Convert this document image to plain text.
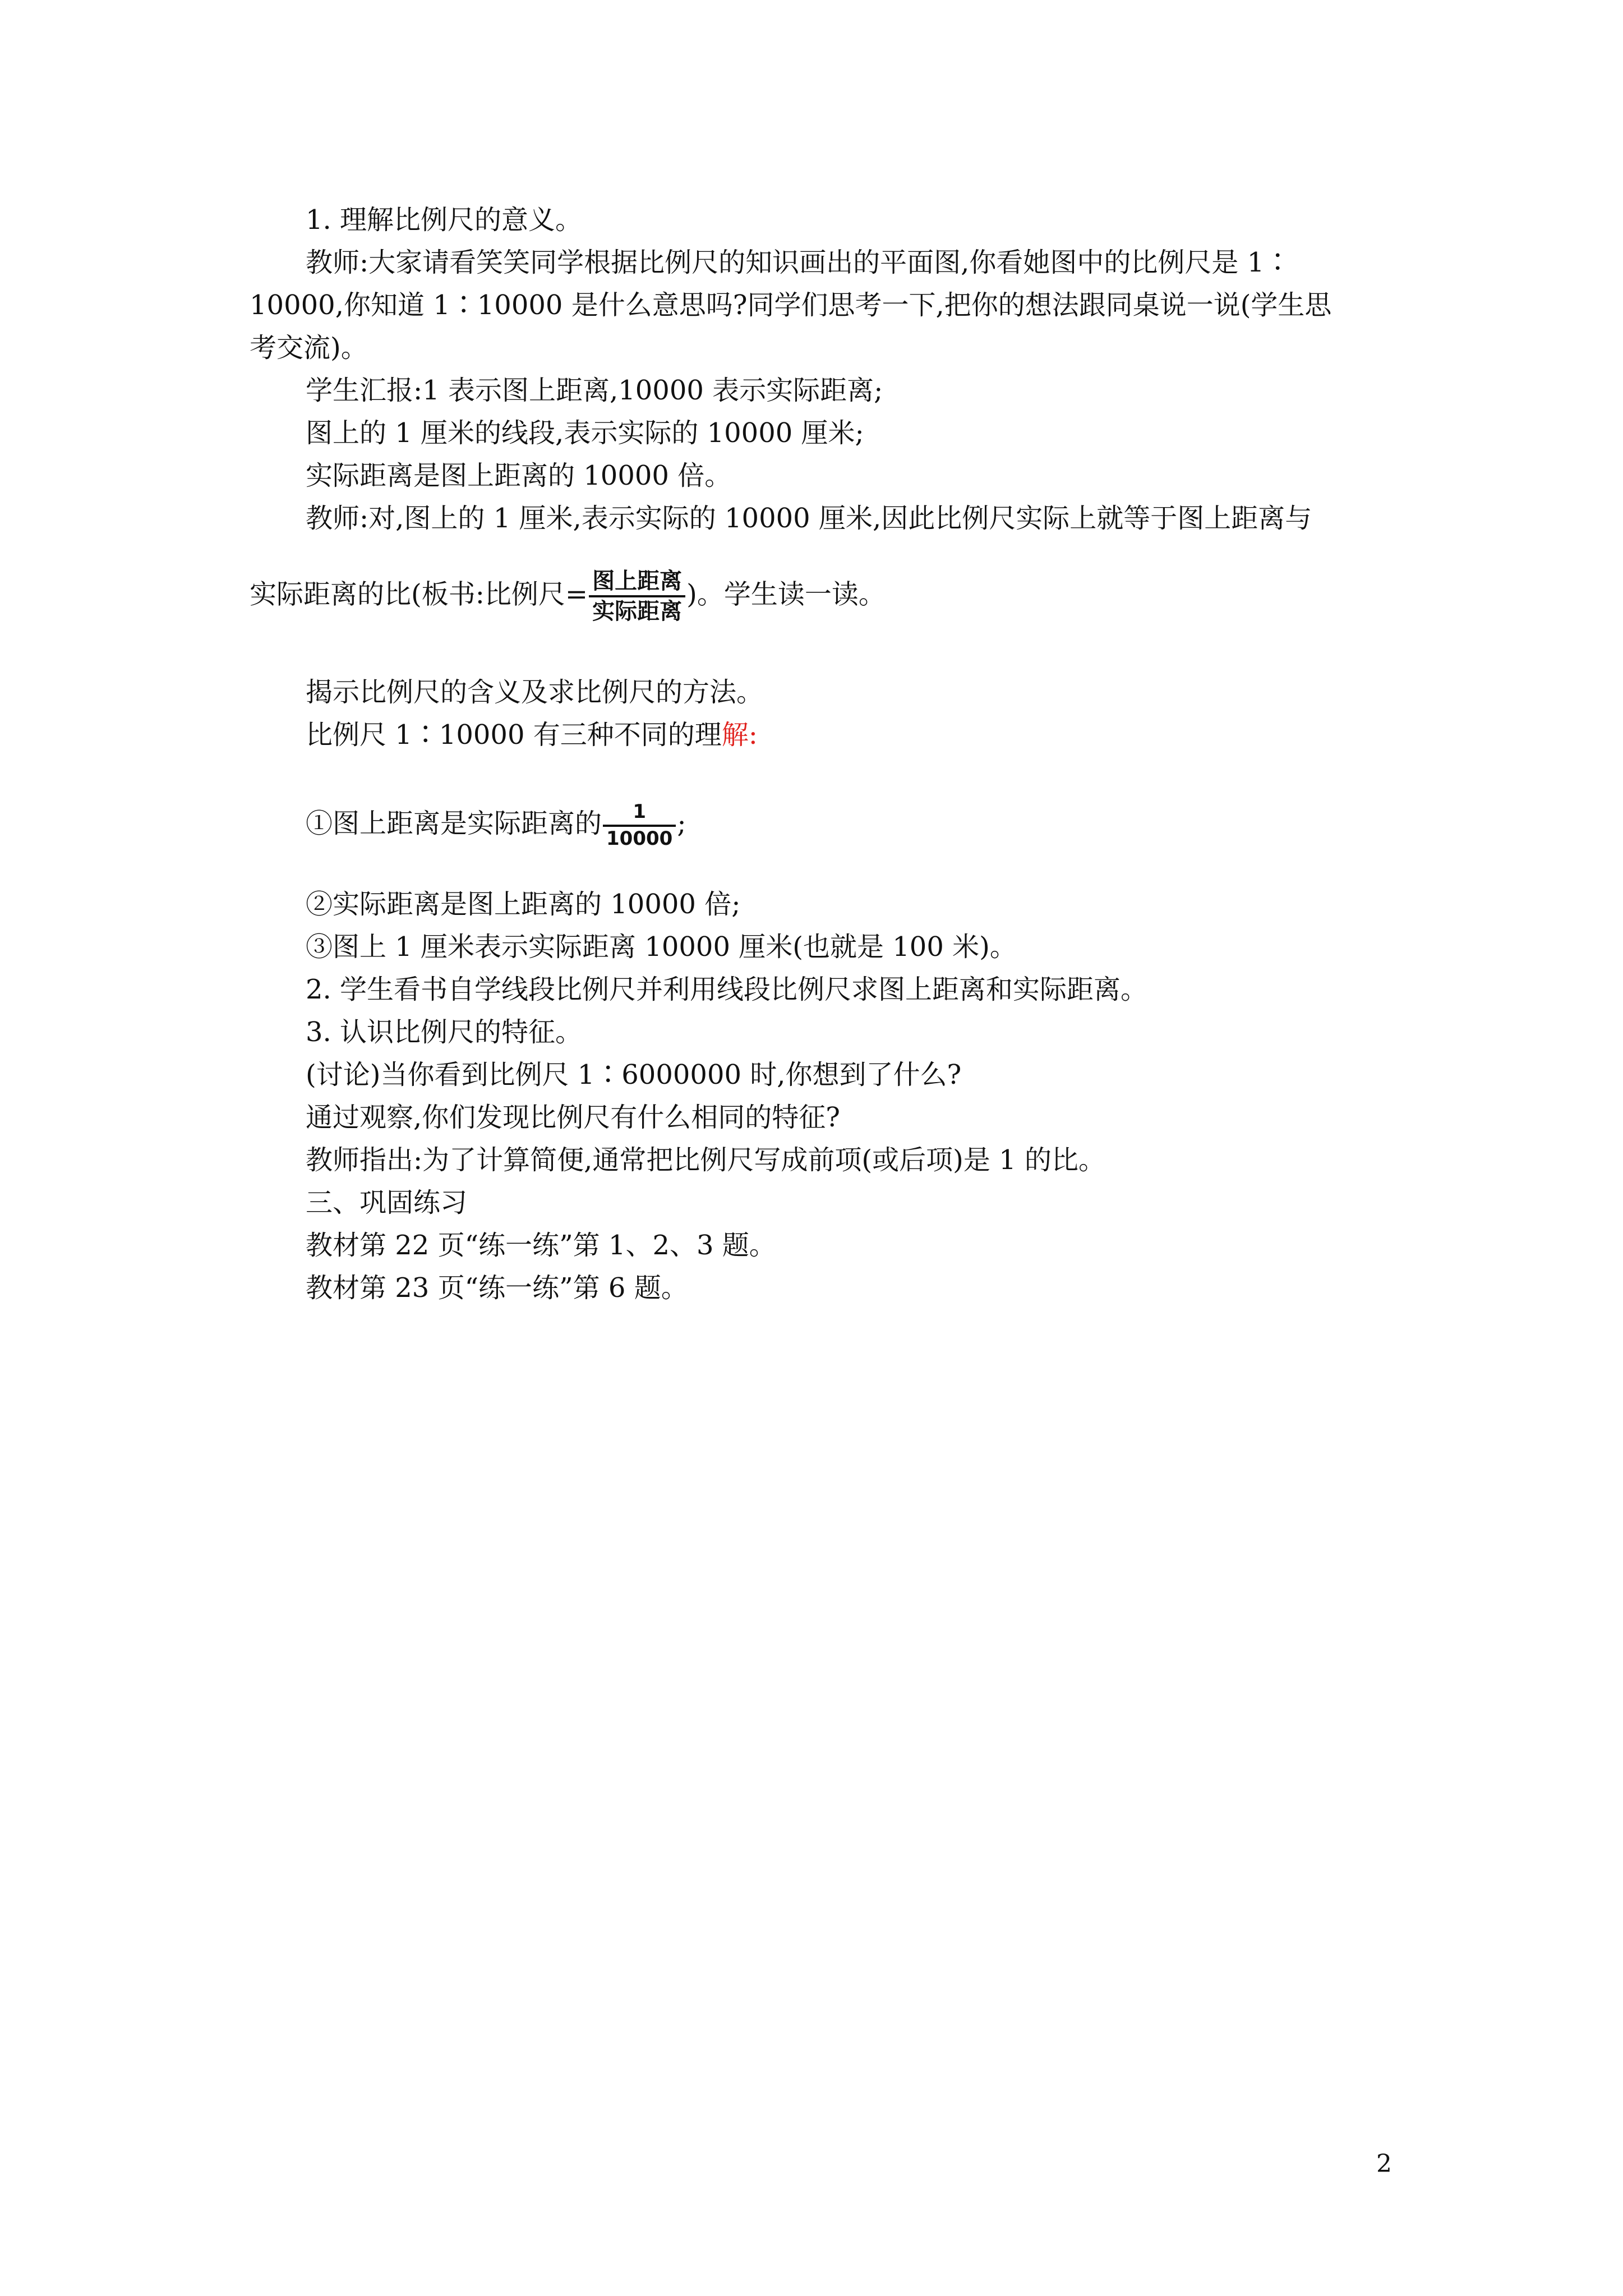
1. 理解比例尺的意义。
教师:大家请看笑笑同学根据比例尺的知识画出的平面图,你看她图中的比例尺是 1∶
10000,你知道 1∶10000 是什么意思吗?同学们思考一下,把你的想法跟同桌说一说(学生思
考交流)。
学生汇报:1 表示图上距离,10000 表示实际距离;
图上的 1 厘米的线段,表示实际的 10000 厘米;
实际距离是图上距离的 10000 倍。
教师:对,图上的 1 厘米,表示实际的 10000 厘米,因此比例尺实际上就等于图上距离与
实际距离的比(板书:比例尺= $\frac{\text{图上距离}}{\text{实际距离}}$ )。学生读一读。
揭示比例尺的含义及求比例尺的方法。
比例尺 1∶10000 有三种不同的理解:
①图上距离是实际距离的 $\frac{1}{10000}$ ;
②实际距离是图上距离的 10000 倍;
③图上 1 厘米表示实际距离 10000 厘米(也就是 100 米)。
2. 学生看书自学线段比例尺并利用线段比例尺求图上距离和实际距离。
3. 认识比例尺的特征。
(讨论)当你看到比例尺 1∶6000000 时,你想到了什么?
通过观察,你们发现比例尺有什么相同的特征?
教师指出:为了计算简便,通常把比例尺写成前项(或后项)是 1 的比。
三、巩固练习
教材第 22 页“练一练”第 1、2、3 题。
教材第 23 页“练一练”第 6 题。
2
